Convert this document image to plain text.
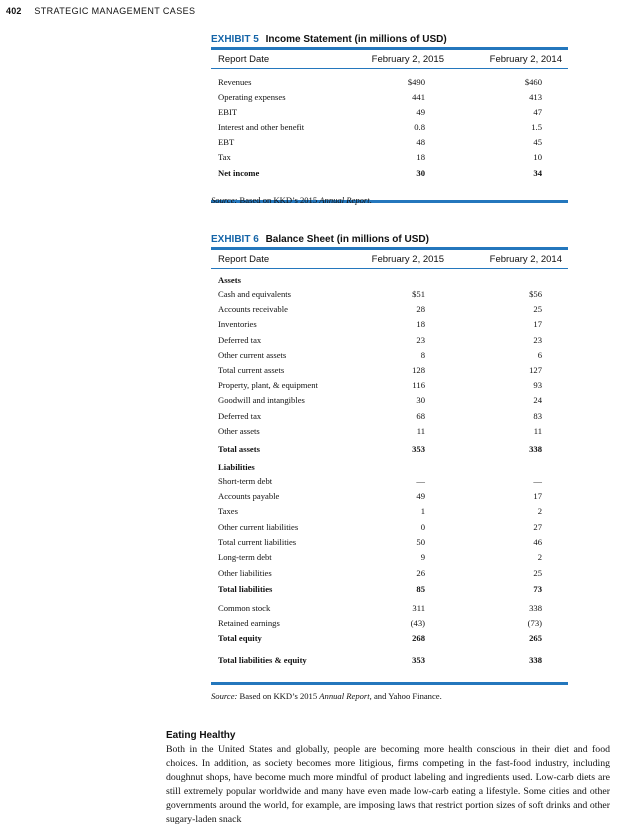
402 STRATEGIC MANAGEMENT CASES
EXHIBIT 5 Income Statement (in millions of USD)
Report Date	February 2, 2015	February 2, 2014
Revenues	$490	$460
Operating expenses	441	413
EBIT	49	47
Interest and other benefit	0.8	1.5
EBT	48	45
Tax	18	10
Net income	30	34
Source: Based on KKD’s 2015 Annual Report.
EXHIBIT 6 Balance Sheet (in millions of USD)
Report Date	February 2, 2015	February 2, 2014
Assets
Cash and equivalents	$51	$56
Accounts receivable	28	25
Inventories	18	17
Deferred tax	23	23
Other current assets	8	6
Total current assets	128	127
Property, plant, & equipment	116	93
Goodwill and intangibles	30	24
Deferred tax	68	83
Other assets	11	11
Total assets	353	338
Liabilities
Short-term debt	—	—
Accounts payable	49	17
Taxes	1	2
Other current liabilities	0	27
Total current liabilities	50	46
Long-term debt	9	2
Other liabilities	26	25
Total liabilities	85	73
Common stock	311	338
Retained earnings	(43)	(73)
Total equity	268	265
Total liabilities & equity	353	338
Source: Based on KKD’s 2015 Annual Report, and Yahoo Finance.
Eating Healthy
Both in the United States and globally, people are becoming more health conscious in their diet and food choices. In addition, as society becomes more litigious, firms competing in the fast-food industry, including doughnut shops, have become much more mindful of product labeling and ingredients used. Low-carb diets are still extremely popular worldwide and many have even made low-carb eating a lifestyle. Some cities and other governments around the world, for example, are imposing laws that restrict portion sizes of soft drinks and other sugary-laden snack
